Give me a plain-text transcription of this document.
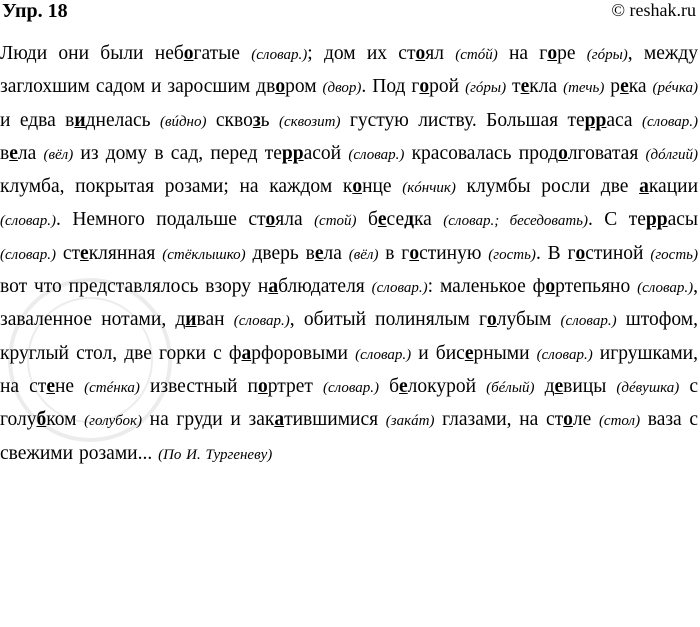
Упр. 18	© reshak.ru
Люди они были небогатые (словар.); дом их стоял (стóй) на горе (гóры), между заглохшим садом и заросшим двором (двор). Под горой (гóры) текла (течь) река (рéчка) и едва виднелась (вúдно) сквозь (сквозит) густую листву. Большая терраса (словар.) вела (вёл) из дому в сад, перед террасой (словар.) красовалась продолговатая (дóлгий) клумба, покрытая розами; на каждом конце (кóнчик) клумбы росли две акации (словар.). Немного подальше стояла (стой) беседка (словар.; беседовать). С террасы (словар.) стеклянная (стёклышко) дверь вела (вёл) в гостиную (гость). В гостиной (гость) вот что представлялось взору наблюдателя (словар.): маленькое фортепьяно (словар.), заваленное нотами, диван (словар.), обитый полинялым голубым (словар.) штофом, круглый стол, две горки с фарфоровыми (словар.) и бисерными (словар.) игрушками, на стене (стéнка) известный портрет (словар.) белокурой (бéлый) девицы (дéвушка) с голубком (голубок) на груди и закатившимися (закáт) глазами, на столе (стол) ваза с свежими розами... (По И. Тургеневу)
